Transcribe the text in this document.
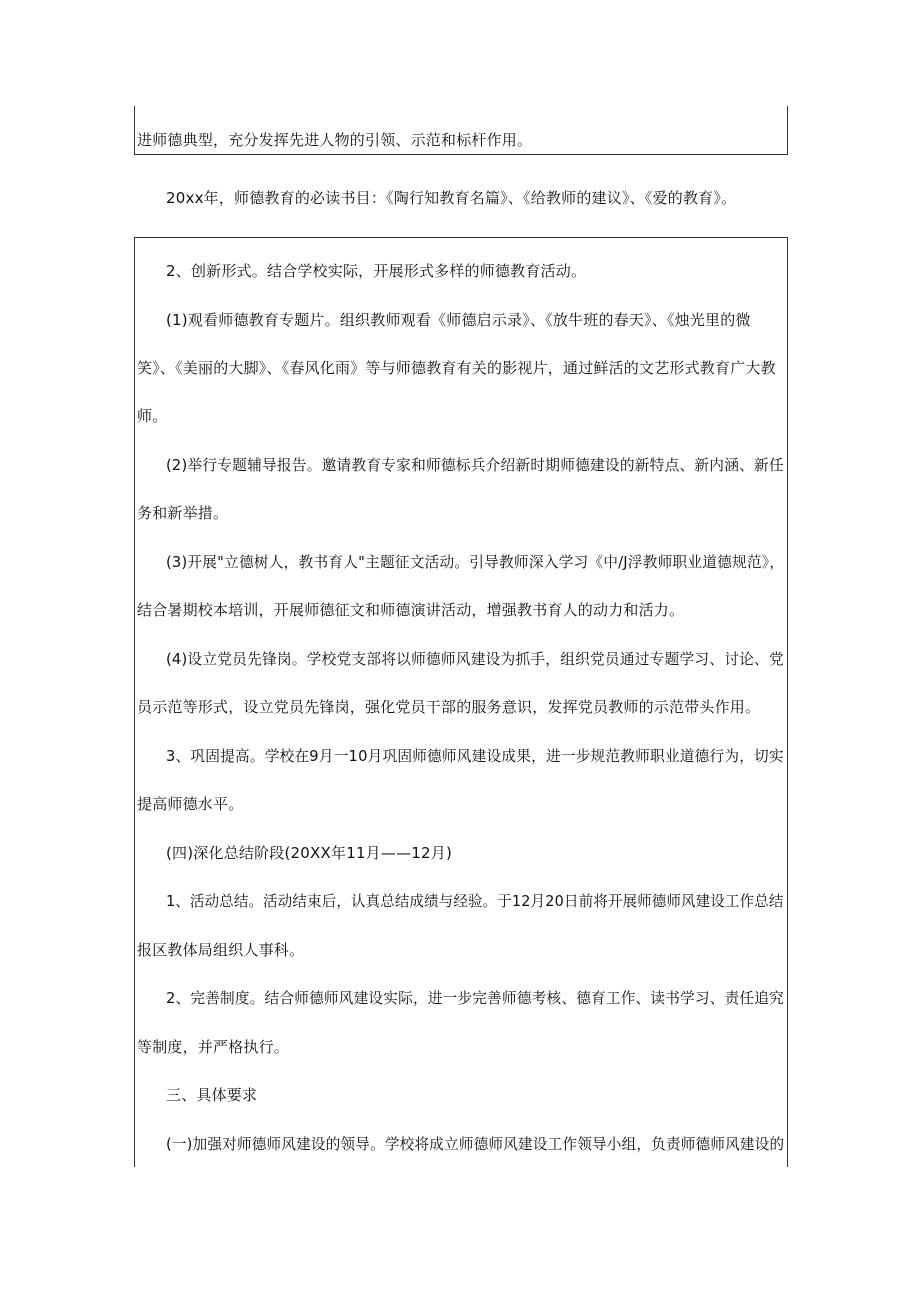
进师德典型，充分发挥先进人物的引领、示范和标杆作用。
20xx年，师德教育的必读书目：《陶行知教育名篇》、《给教师的建议》、《爱的教育》。
2、创新形式。结合学校实际，开展形式多样的师德教育活动。
(1)观看师德教育专题片。组织教师观看《师德启示录》、《放牛班的春天》、《烛光里的微
笑》、《美丽的大脚》、《春风化雨》等与师德教育有关的影视片，通过鲜活的文艺形式教育广大教
师。
(2)举行专题辅导报告。邀请教育专家和师德标兵介绍新时期师德建设的新特点、新内涵、新任
务和新举措。
(3)开展"立德树人，教书育人"主题征文活动。引导教师深入学习《中/J浮教师职业道德规范》，
结合暑期校本培训，开展师德征文和师德演讲活动，增强教书育人的动力和活力。
(4)设立党员先锋岗。学校党支部将以师德师风建设为抓手，组织党员通过专题学习、讨论、党
员示范等形式，设立党员先锋岗，强化党员干部的服务意识，发挥党员教师的示范带头作用。
3、巩固提高。学校在9月一10月巩固师德师风建设成果，进一步规范教师职业道德行为，切实
提高师德水平。
(四)深化总结阶段(20XX年11月——12月)
1、活动总结。活动结束后，认真总结成绩与经验。于12月20日前将开展师德师风建设工作总结
报区教体局组织人事科。
2、完善制度。结合师德师风建设实际，进一步完善师德考核、德育工作、读书学习、责任追究
等制度，并严格执行。
三、具体要求
(一)加强对师德师风建设的领导。学校将成立师德师风建设工作领导小组，负责师德师风建设的
